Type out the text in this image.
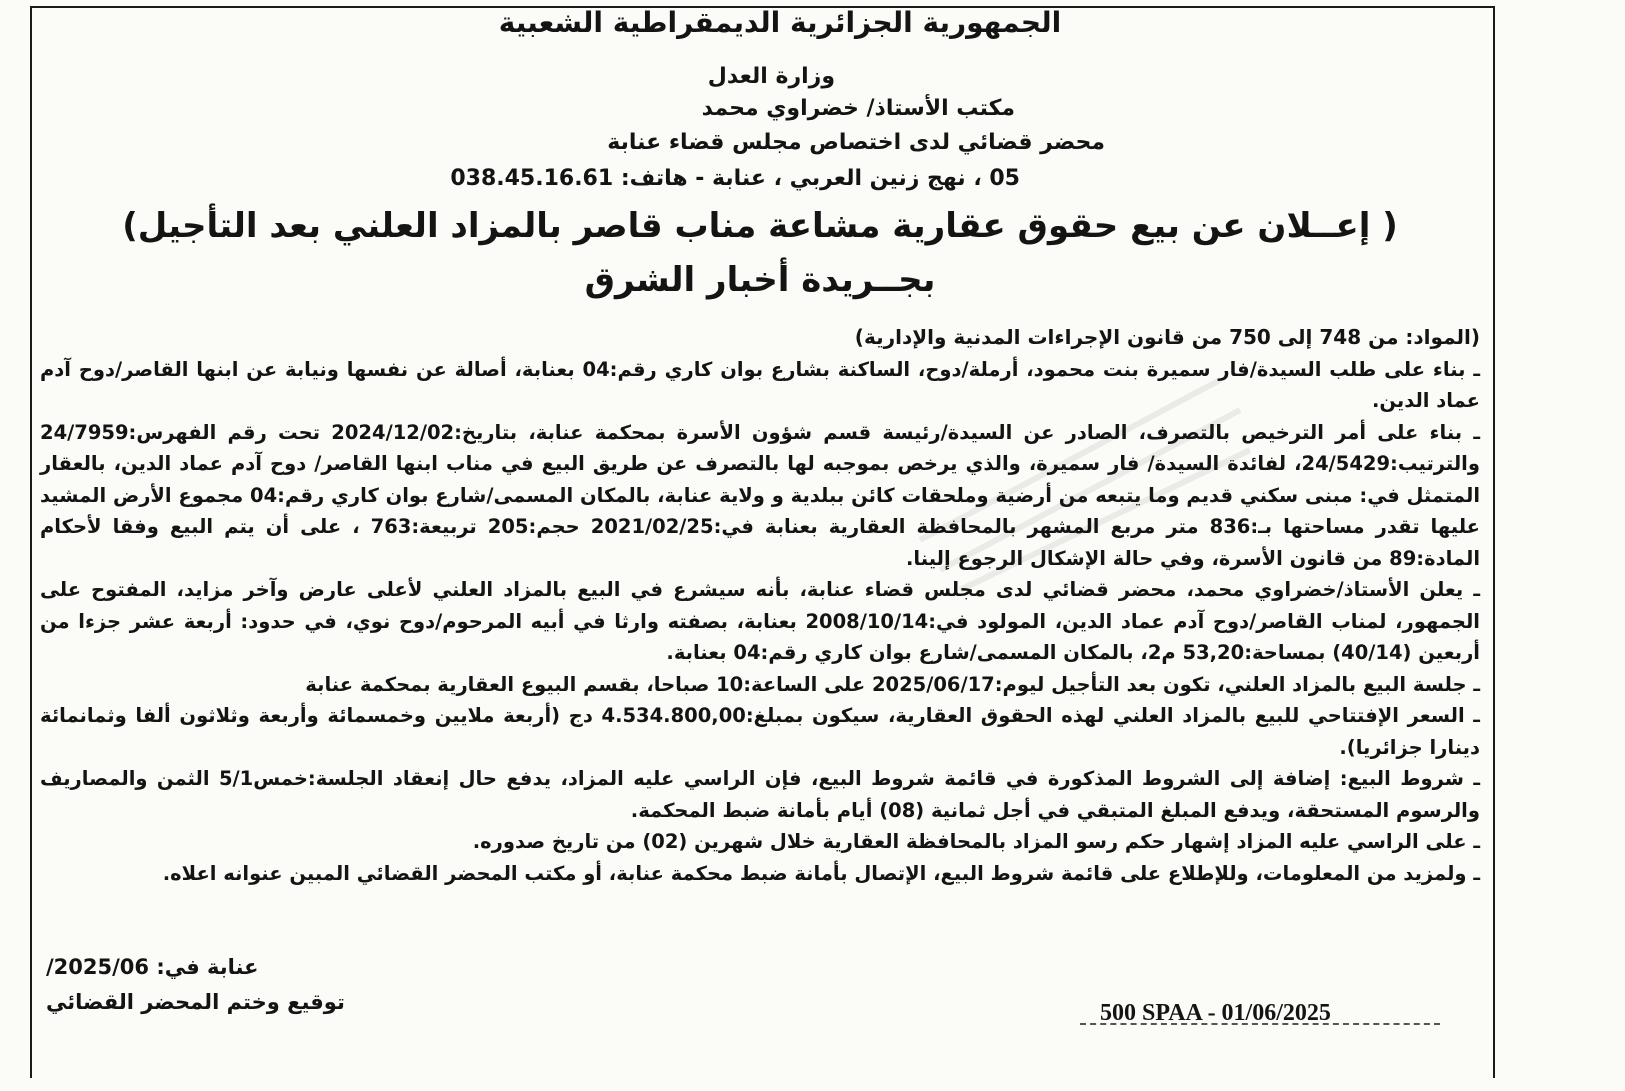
الجمهورية الجزائرية الديمقراطية الشعبية
وزارة العدل
مكتب الأستاذ/ خضراوي محمد
محضر قضائي لدى اختصاص مجلس قضاء عنابة
05 ، نهج زنين العربي ، عنابة - هاتف: 038.45.16.61
( إعــلان عن بيع حقوق عقارية مشاعة مناب قاصر بالمزاد العلني بعد التأجيل)
بجــريدة أخبار الشرق

(المواد: من 748 إلى 750 من قانون الإجراءات المدنية والإدارية)

ـ بناء على طلب السيدة/فار سميرة بنت محمود، أرملة/دوح، الساكنة بشارع بوان كاري رقم:04 بعنابة، أصالة عن نفسها ونيابة عن ابنها القاصر/دوح آدم عماد الدين.

ـ بناء على أمر الترخيص بالتصرف، الصادر عن السيدة/رئيسة قسم شؤون الأسرة بمحكمة عنابة، بتاريخ:2024/12/02 تحت رقم الفهرس:24/7959 والترتيب:24/5429، لفائدة السيدة/ فار سميرة، والذي يرخص بموجبه لها بالتصرف عن طريق البيع في مناب ابنها القاصر/ دوح آدم عماد الدين، بالعقار المتمثل في: مبنى سكني قديم وما يتبعه من أرضية وملحقات كائن ببلدية و ولاية عنابة، بالمكان المسمى/شارع بوان كاري رقم:04 مجموع الأرض المشيد عليها تقدر مساحتها بـ:836 متر مربع المشهر بالمحافظة العقارية بعنابة في:2021/02/25 حجم:205 تربيعة:763 ، على أن يتم البيع وفقا لأحكام المادة:89 من قانون الأسرة، وفي حالة الإشكال الرجوع إلينا.

ـ يعلن الأستاذ/خضراوي محمد، محضر قضائي لدى مجلس قضاء عنابة، بأنه سيشرع في البيع بالمزاد العلني لأعلى عارض وآخر مزايد، المفتوح على الجمهور، لمناب القاصر/دوح آدم عماد الدين، المولود في:2008/10/14 بعنابة، بصفته وارثا في أبيه المرحوم/دوح نوي، في حدود: أربعة عشر جزءا من أربعين (40/14) بمساحة:53,20 م2، بالمكان المسمى/شارع بوان كاري رقم:04 بعنابة.

ـ جلسة البيع بالمزاد العلني، تكون بعد التأجيل ليوم:2025/06/17 على الساعة:10 صباحا، بقسم البيوع العقارية بمحكمة عنابة

ـ السعر الإفتتاحي للبيع بالمزاد العلني لهذه الحقوق العقارية، سيكون بمبلغ:4.534.800,00 دج (أربعة ملايين وخمسمائة وأربعة وثلاثون ألفا وثمانمائة دينارا جزائريا).

ـ شروط البيع: إضافة إلى الشروط المذكورة في قائمة شروط البيع، فإن الراسي عليه المزاد، يدفع حال إنعقاد الجلسة:خمس5/1 الثمن والمصاريف والرسوم المستحقة، ويدفع المبلغ المتبقي في أجل ثمانية (08) أيام بأمانة ضبط المحكمة.

ـ على الراسي عليه المزاد إشهار حكم رسو المزاد بالمحافظة العقارية خلال شهرين (02) من تاريخ صدوره.

ـ ولمزيد من المعلومات، وللإطلاع على قائمة شروط البيع، الإتصال بأمانة ضبط محكمة عنابة، أو مكتب المحضر القضائي المبين عنوانه اعلاه.

عنابة في: 2025/06/
توقيع وختم المحضر القضائي	500 SPAA - 01/06/2025
